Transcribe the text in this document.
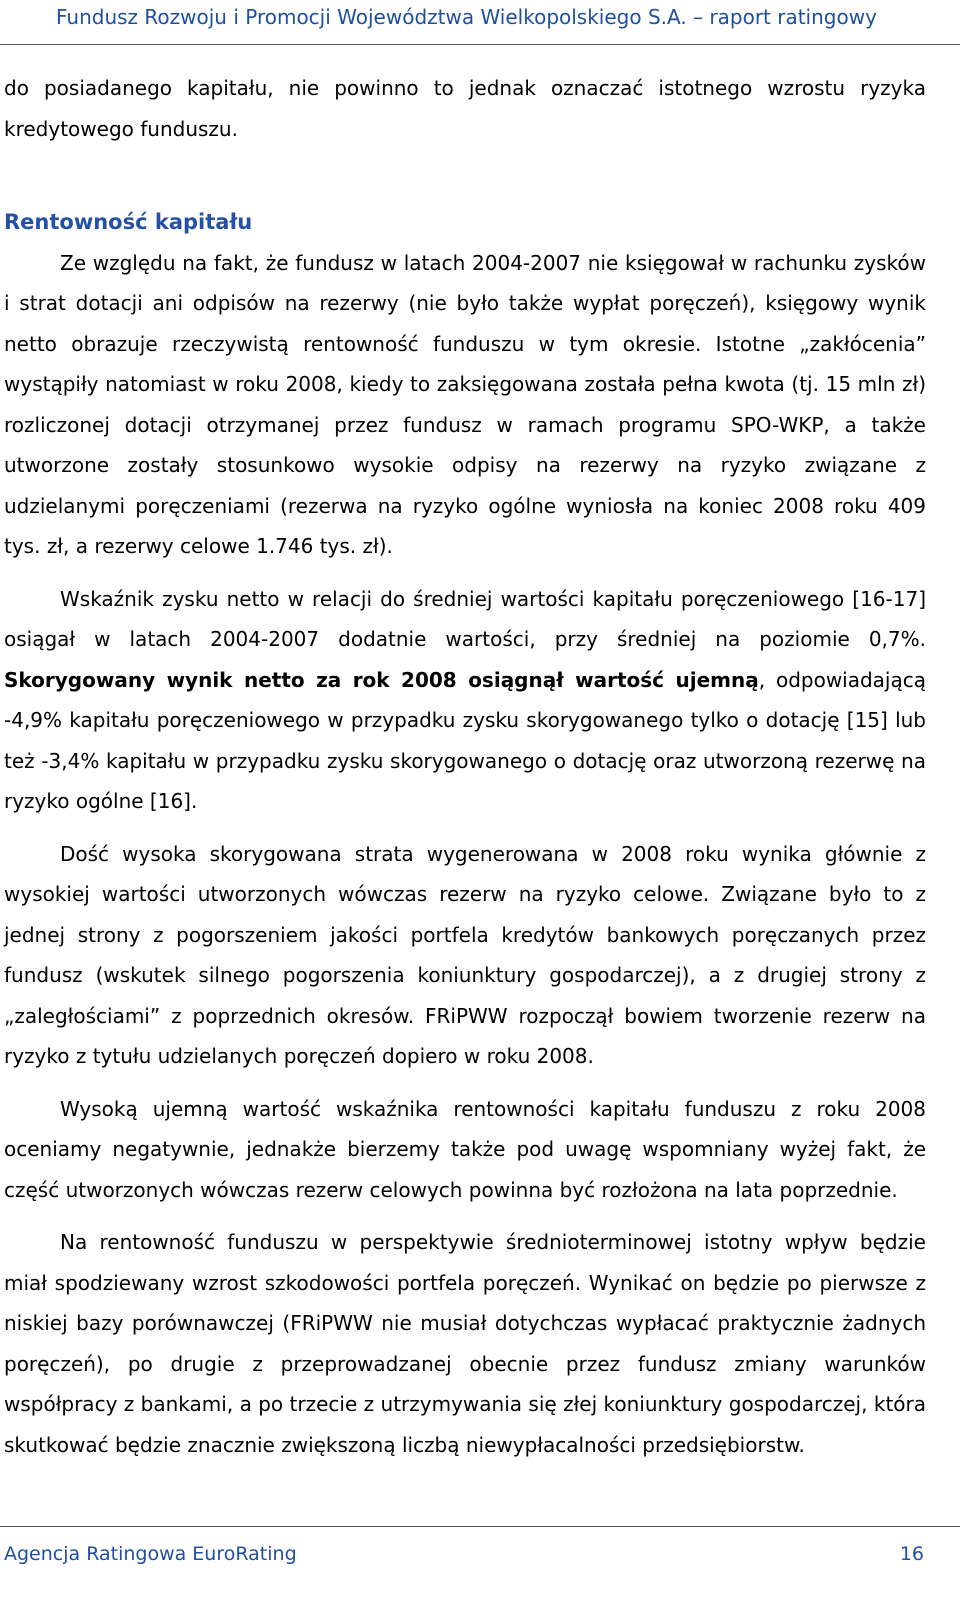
Fundusz Rozwoju i Promocji Województwa Wielkopolskiego S.A. – raport ratingowy

do posiadanego kapitału, nie powinno to jednak oznaczać istotnego wzrostu ryzyka kredytowego funduszu.

Rentowność kapitału

Ze względu na fakt, że fundusz w latach 2004-2007 nie księgował w rachunku zysków i strat dotacji ani odpisów na rezerwy (nie było także wypłat poręczeń), księgowy wynik netto obrazuje rzeczywistą rentowność funduszu w tym okresie. Istotne „zakłócenia” wystąpiły natomiast w roku 2008, kiedy to zaksięgowana została pełna kwota (tj. 15 mln zł) rozliczonej dotacji otrzymanej przez fundusz w ramach programu SPO-WKP, a także utworzone zostały stosunkowo wysokie odpisy na rezerwy na ryzyko związane z udzielanymi poręczeniami (rezerwa na ryzyko ogólne wyniosła na koniec 2008 roku 409 tys. zł, a rezerwy celowe 1.746 tys. zł).

Wskaźnik zysku netto w relacji do średniej wartości kapitału poręczeniowego [16-17] osiągał w latach 2004-2007 dodatnie wartości, przy średniej na poziomie 0,7%. Skorygowany wynik netto za rok 2008 osiągnął wartość ujemną, odpowiadającą -4,9% kapitału poręczeniowego w przypadku zysku skorygowanego tylko o dotację [15] lub też -3,4% kapitału w przypadku zysku skorygowanego o dotację oraz utworzoną rezerwę na ryzyko ogólne [16].

Dość wysoka skorygowana strata wygenerowana w 2008 roku wynika głównie z wysokiej wartości utworzonych wówczas rezerw na ryzyko celowe. Związane było to z jednej strony z pogorszeniem jakości portfela kredytów bankowych poręczanych przez fundusz (wskutek silnego pogorszenia koniunktury gospodarczej), a z drugiej strony z „zaległościami” z poprzednich okresów. FRiPWW rozpoczął bowiem tworzenie rezerw na ryzyko z tytułu udzielanych poręczeń dopiero w roku 2008.

Wysoką ujemną wartość wskaźnika rentowności kapitału funduszu z roku 2008 oceniamy negatywnie, jednakże bierzemy także pod uwagę wspomniany wyżej fakt, że część utworzonych wówczas rezerw celowych powinna być rozłożona na lata poprzednie.

Na rentowność funduszu w perspektywie średnioterminowej istotny wpływ będzie miał spodziewany wzrost szkodowości portfela poręczeń. Wynikać on będzie po pierwsze z niskiej bazy porównawczej (FRiPWW nie musiał dotychczas wypłacać praktycznie żadnych poręczeń), po drugie z przeprowadzanej obecnie przez fundusz zmiany warunków współpracy z bankami, a po trzecie z utrzymywania się złej koniunktury gospodarczej, która skutkować będzie znacznie zwiększoną liczbą niewypłacalności przedsiębiorstw.

Agencja Ratingowa EuroRating	16
